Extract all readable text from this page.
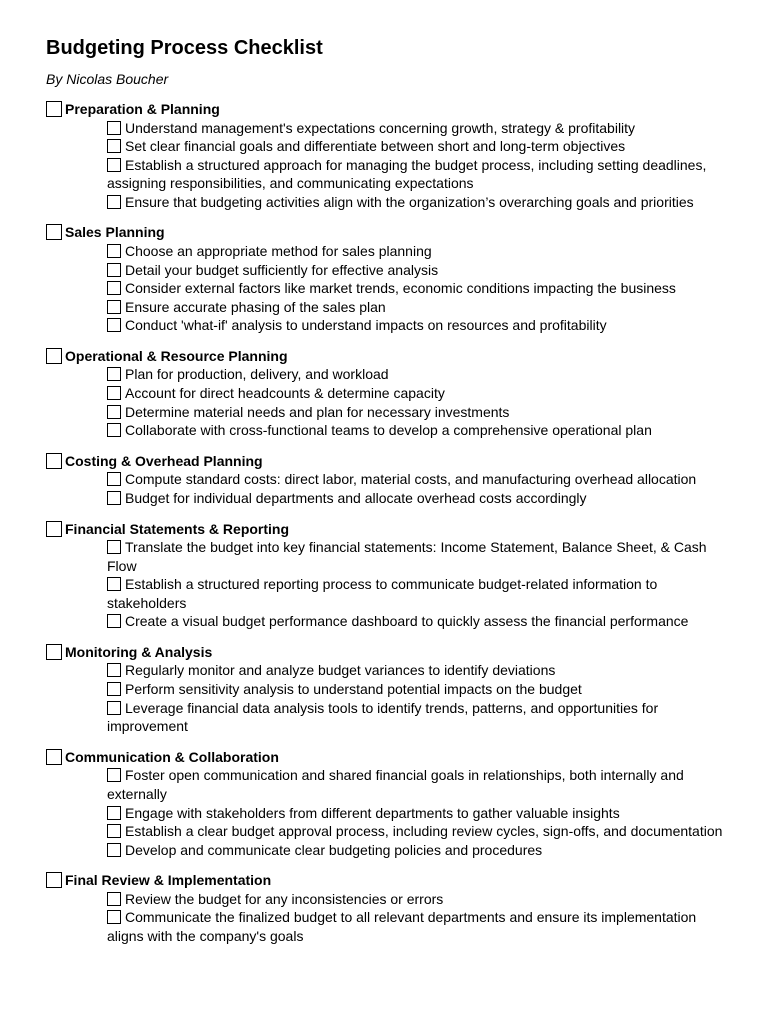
Budgeting Process Checklist
By Nicolas Boucher
Preparation & Planning
Understand management's expectations concerning growth, strategy & profitability
Set clear financial goals and differentiate between short and long-term objectives
Establish a structured approach for managing the budget process, including setting deadlines, assigning responsibilities, and communicating expectations
Ensure that budgeting activities align with the organization’s overarching goals and priorities
Sales Planning
Choose an appropriate method for sales planning
Detail your budget sufficiently for effective analysis
Consider external factors like market trends, economic conditions impacting the business
Ensure accurate phasing of the sales plan
Conduct 'what-if' analysis to understand impacts on resources and profitability
Operational & Resource Planning
Plan for production, delivery, and workload
Account for direct headcounts & determine capacity
Determine material needs and plan for necessary investments
Collaborate with cross-functional teams to develop a comprehensive operational plan
Costing & Overhead Planning
Compute standard costs: direct labor, material costs, and manufacturing overhead allocation
Budget for individual departments and allocate overhead costs accordingly
Financial Statements & Reporting
Translate the budget into key financial statements: Income Statement, Balance Sheet, & Cash Flow
Establish a structured reporting process to communicate budget-related information to stakeholders
Create a visual budget performance dashboard to quickly assess the financial performance
Monitoring & Analysis
Regularly monitor and analyze budget variances to identify deviations
Perform sensitivity analysis to understand potential impacts on the budget
Leverage financial data analysis tools to identify trends, patterns, and opportunities for improvement
Communication & Collaboration
Foster open communication and shared financial goals in relationships, both internally and externally
Engage with stakeholders from different departments to gather valuable insights
Establish a clear budget approval process, including review cycles, sign-offs, and documentation
Develop and communicate clear budgeting policies and procedures
Final Review & Implementation
Review the budget for any inconsistencies or errors
Communicate the finalized budget to all relevant departments and ensure its implementation aligns with the company's goals
